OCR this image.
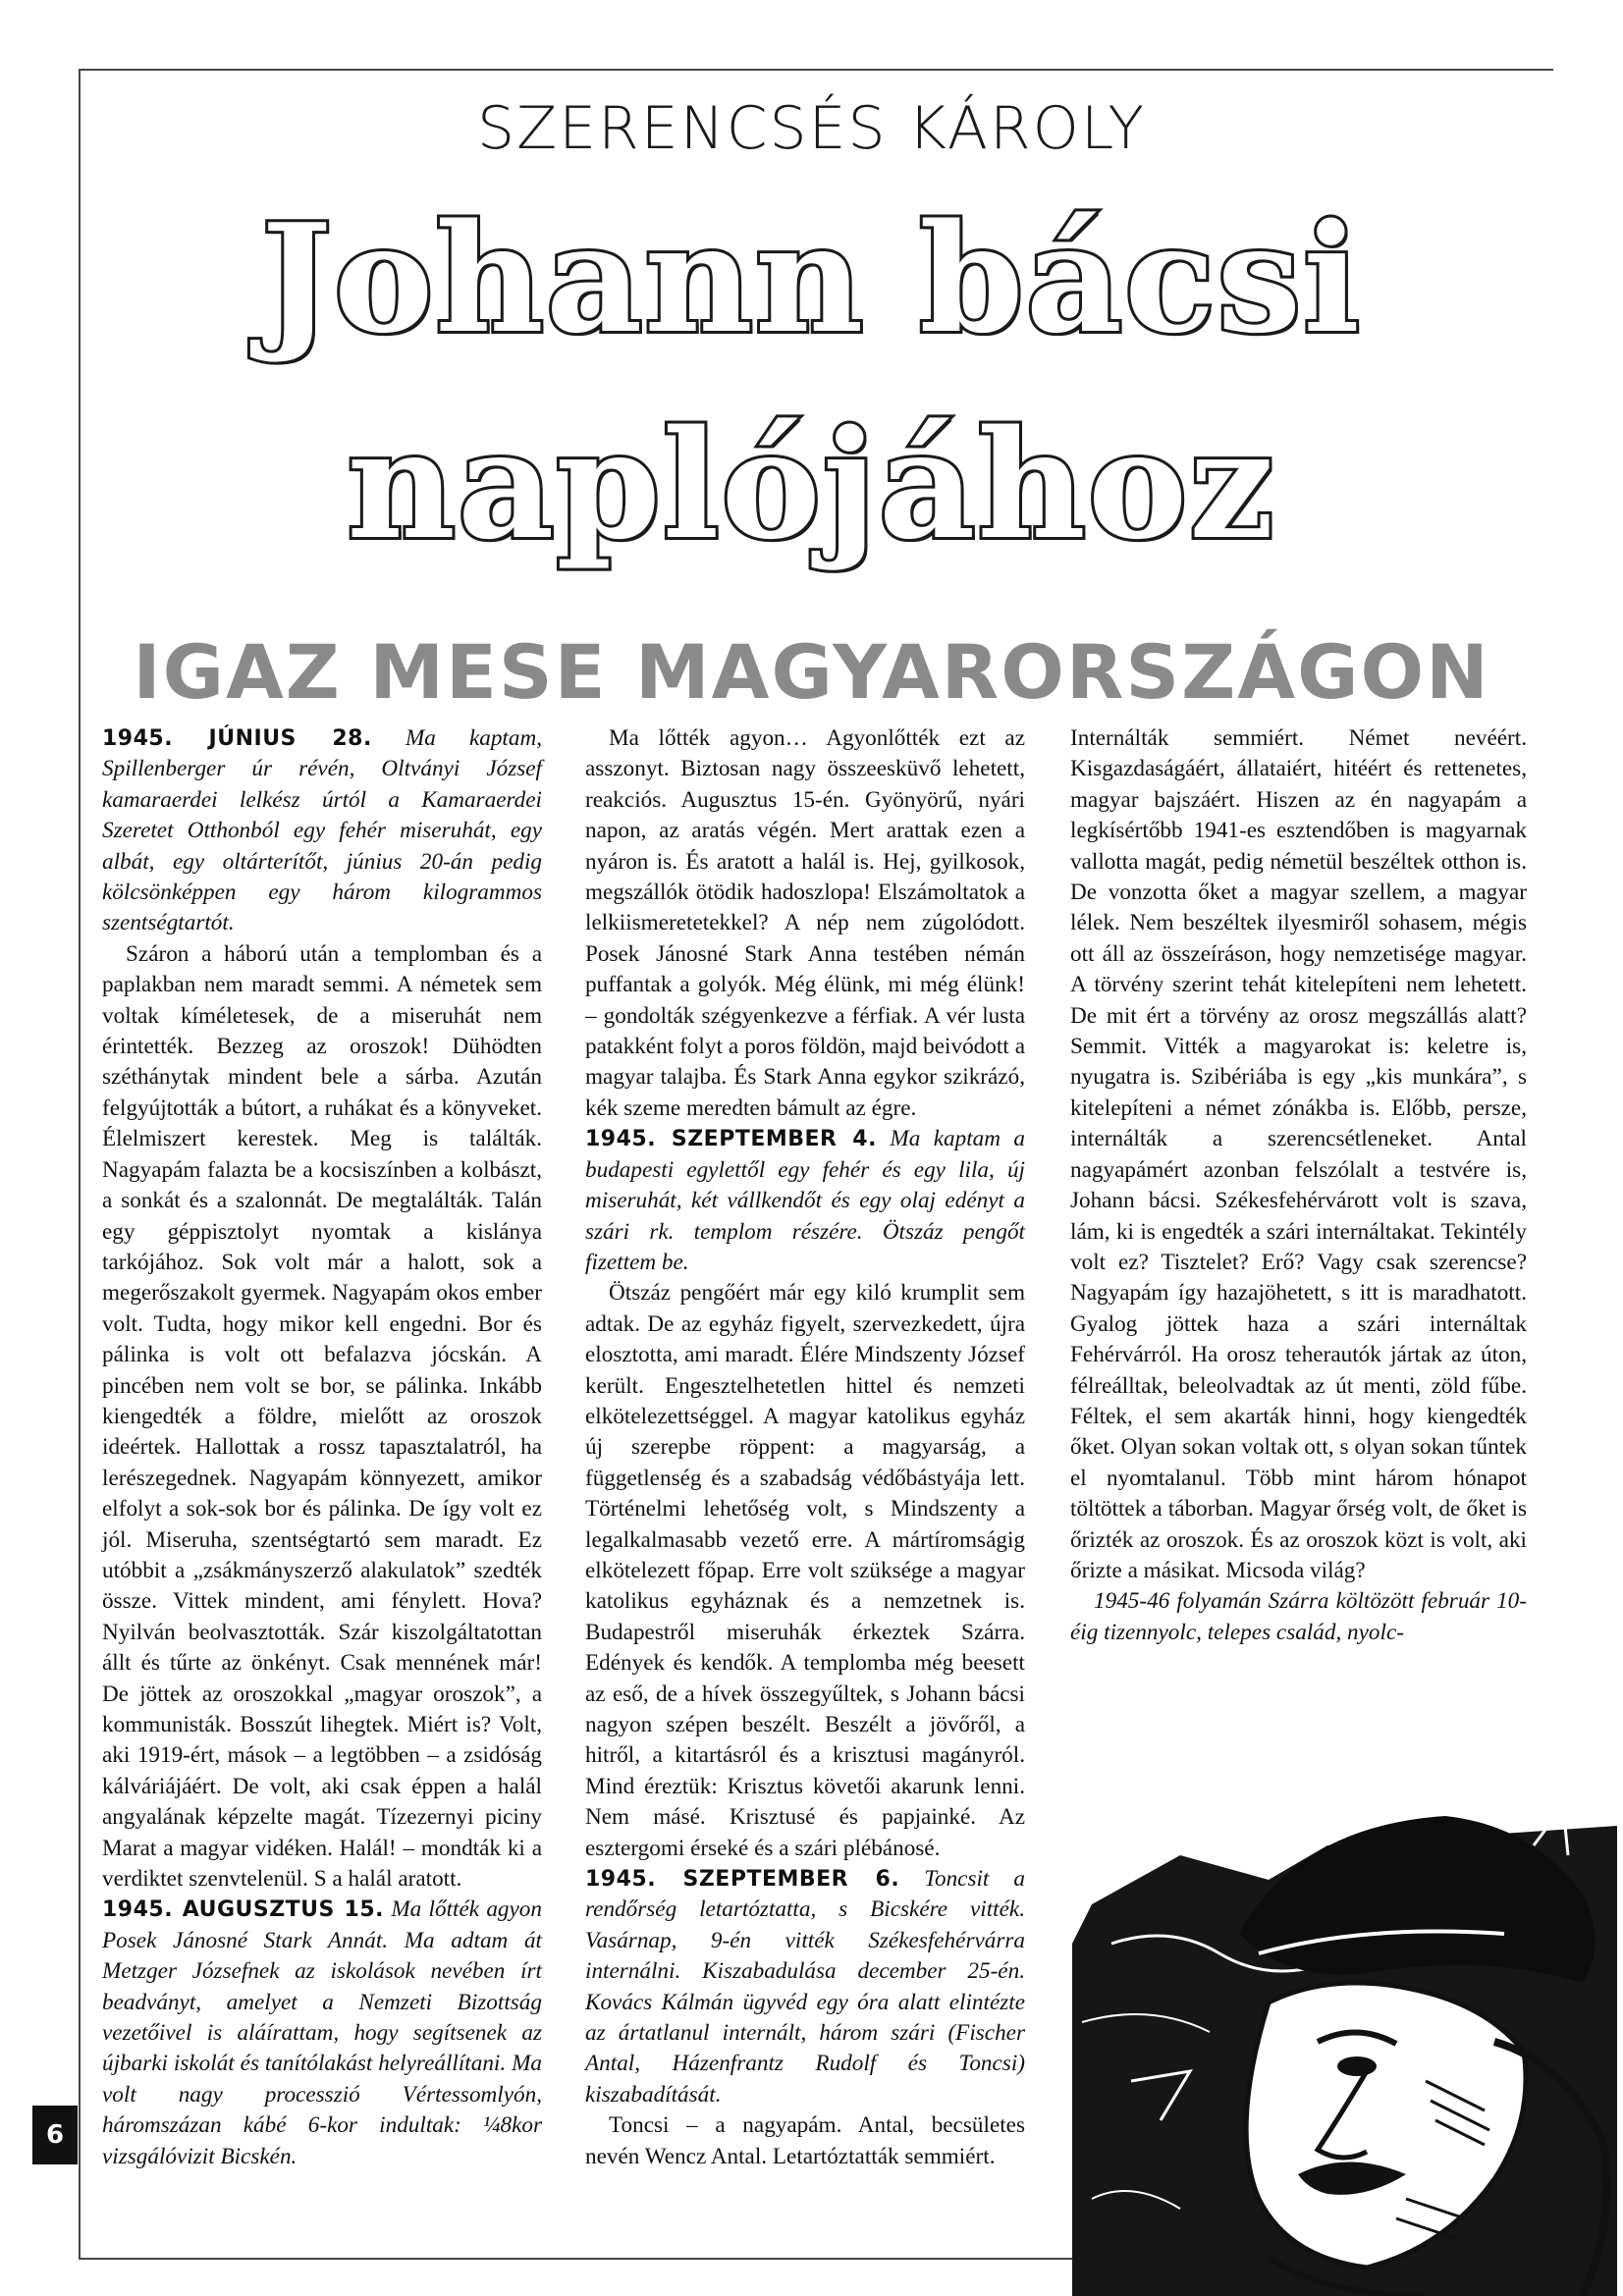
SZERENCSÉS KÁROLY
Johann bácsi
naplójához
IGAZ MESE MAGYARORSZÁGON

1945. JÚNIUS 28. Ma kaptam, Spillenberger úr révén, Oltványi József kamaraerdei lelkész úrtól a Kamaraerdei Szeretet Otthonból egy fehér miseruhát, egy albát, egy oltárterítőt, június 20-án pedig kölcsönképpen egy három kilogrammos szentségtartót.

Száron a háború után a templomban és a paplakban nem maradt semmi. A németek sem voltak kíméletesek, de a miseruhát nem érintették. Bezzeg az oroszok! Dühödten széthánytak mindent bele a sárba. Azután felgyújtották a bútort, a ruhákat és a könyveket. Élelmiszert kerestek. Meg is találták. Nagyapám falazta be a kocsiszínben a kolbászt, a sonkát és a szalonnát. De megtalálták. Talán egy géppisztolyt nyomtak a kislánya tarkójához. Sok volt már a halott, sok a megerőszakolt gyermek. Nagyapám okos ember volt. Tudta, hogy mikor kell engedni. Bor és pálinka is volt ott befalazva jócskán. A pincében nem volt se bor, se pálinka. Inkább kiengedték a földre, mielőtt az oroszok ideértek. Hallottak a rossz tapasztalatról, ha lerészegednek. Nagyapám könnyezett, amikor elfolyt a sok-sok bor és pálinka. De így volt ez jól. Miseruha, szentségtartó sem maradt. Ez utóbbit a „zsákmányszerző alakulatok” szedték össze. Vittek mindent, ami fénylett. Hova? Nyilván beolvasztották. Szár kiszolgáltatottan állt és tűrte az önkényt. Csak mennének már! De jöttek az oroszokkal „magyar oroszok”, a kommunisták. Bosszút lihegtek. Miért is? Volt, aki 1919-ért, mások – a legtöbben – a zsidóság kálváriájáért. De volt, aki csak éppen a halál angyalának képzelte magát. Tízezernyi piciny Marat a magyar vidéken. Halál! – mondták ki a verdiktet szenvtelenül. S a halál aratott.

1945. AUGUSZTUS 15. Ma lőtték agyon Posek Jánosné Stark Annát. Ma adtam át Metzger Józsefnek az iskolások nevében írt beadványt, amelyet a Nemzeti Bizottság vezetőivel is aláírattam, hogy segítsenek az újbarki iskolát és tanítólakást helyreállítani. Ma volt nagy processzió Vértessomlyón, háromszázan kábé 6-kor indultak: ¼8kor vizsgálóvizit Bicskén.

Ma lőtték agyon… Agyonlőtték ezt az asszonyt. Biztosan nagy összeesküvő lehetett, reakciós. Augusztus 15-én. Gyönyörű, nyári napon, az aratás végén. Mert arattak ezen a nyáron is. És aratott a halál is. Hej, gyilkosok, megszállók ötödik hadoszlopa! Elszámoltatok a lelkiismeretetekkel? A nép nem zúgolódott. Posek Jánosné Stark Anna testében némán puffantak a golyók. Még élünk, mi még élünk! – gondolták szégyenkezve a férfiak. A vér lusta patakként folyt a poros földön, majd beivódott a magyar talajba. És Stark Anna egykor szikrázó, kék szeme meredten bámult az égre.

1945. SZEPTEMBER 4. Ma kaptam a budapesti egylettől egy fehér és egy lila, új miseruhát, két vállkendőt és egy olaj edényt a szári rk. templom részére. Ötszáz pengőt fizettem be.

Ötszáz pengőért már egy kiló krumplit sem adtak. De az egyház figyelt, szervezkedett, újra elosztotta, ami maradt. Élére Mindszenty József került. Engesztelhetetlen hittel és nemzeti elkötelezettséggel. A magyar katolikus egyház új szerepbe röppent: a magyarság, a függetlenség és a szabadság védőbástyája lett. Történelmi lehetőség volt, s Mindszenty a legalkalmasabb vezető erre. A mártíromságig elkötelezett főpap. Erre volt szüksége a magyar katolikus egyháznak és a nemzetnek is. Budapestről miseruhák érkeztek Szárra. Edények és kendők. A templomba még beesett az eső, de a hívek összegyűltek, s Johann bácsi nagyon szépen beszélt. Beszélt a jövőről, a hitről, a kitartásról és a krisztusi magányról. Mind éreztük: Krisztus követői akarunk lenni. Nem másé. Krisztusé és papjainké. Az esztergomi érseké és a szári plébánosé.

1945. SZEPTEMBER 6. Toncsit a rendőrség letartóztatta, s Bicskére vitték. Vasárnap, 9-én vitték Székesfehérvárra internálni. Kiszabadulása december 25-én. Kovács Kálmán ügyvéd egy óra alatt elintézte az ártatlanul internált, három szári (Fischer Antal, Házenfrantz Rudolf és Toncsi) kiszabadítását.

Toncsi – a nagyapám. Antal, becsületes nevén Wencz Antal. Letartóztatták semmiért.

Internálták semmiért. Német nevéért. Kisgazdaságáért, állataiért, hitéért és rettenetes, magyar bajszáért. Hiszen az én nagyapám a legkísértőbb 1941-es esztendőben is magyarnak vallotta magát, pedig németül beszéltek otthon is. De vonzotta őket a magyar szellem, a magyar lélek. Nem beszéltek ilyesmiről sohasem, mégis ott áll az összeíráson, hogy nemzetisége magyar. A törvény szerint tehát kitelepíteni nem lehetett. De mit ért a törvény az orosz megszállás alatt? Semmit. Vitték a magyarokat is: keletre is, nyugatra is. Szibériába is egy „kis munkára”, s kitelepíteni a német zónákba is. Előbb, persze, internálták a szerencsétleneket. Antal nagyapámért azonban felszólalt a testvére is, Johann bácsi. Székesfehérvárott volt is szava, lám, ki is engedték a szári internáltakat. Tekintély volt ez? Tisztelet? Erő? Vagy csak szerencse? Nagyapám így hazajöhetett, s itt is maradhatott. Gyalog jöttek haza a szári internáltak Fehérvárról. Ha orosz teherautók jártak az úton, félreálltak, beleolvadtak az út menti, zöld fűbe. Féltek, el sem akarták hinni, hogy kiengedték őket. Olyan sokan voltak ott, s olyan sokan tűntek el nyomtalanul. Több mint három hónapot töltöttek a táborban. Magyar őrség volt, de őket is őrizték az oroszok. És az oroszok közt is volt, aki őrizte a másikat. Micsoda világ?

1945-46 folyamán Szárra költözött február 10-éig tizennyolc, telepes család, nyolc-

6
